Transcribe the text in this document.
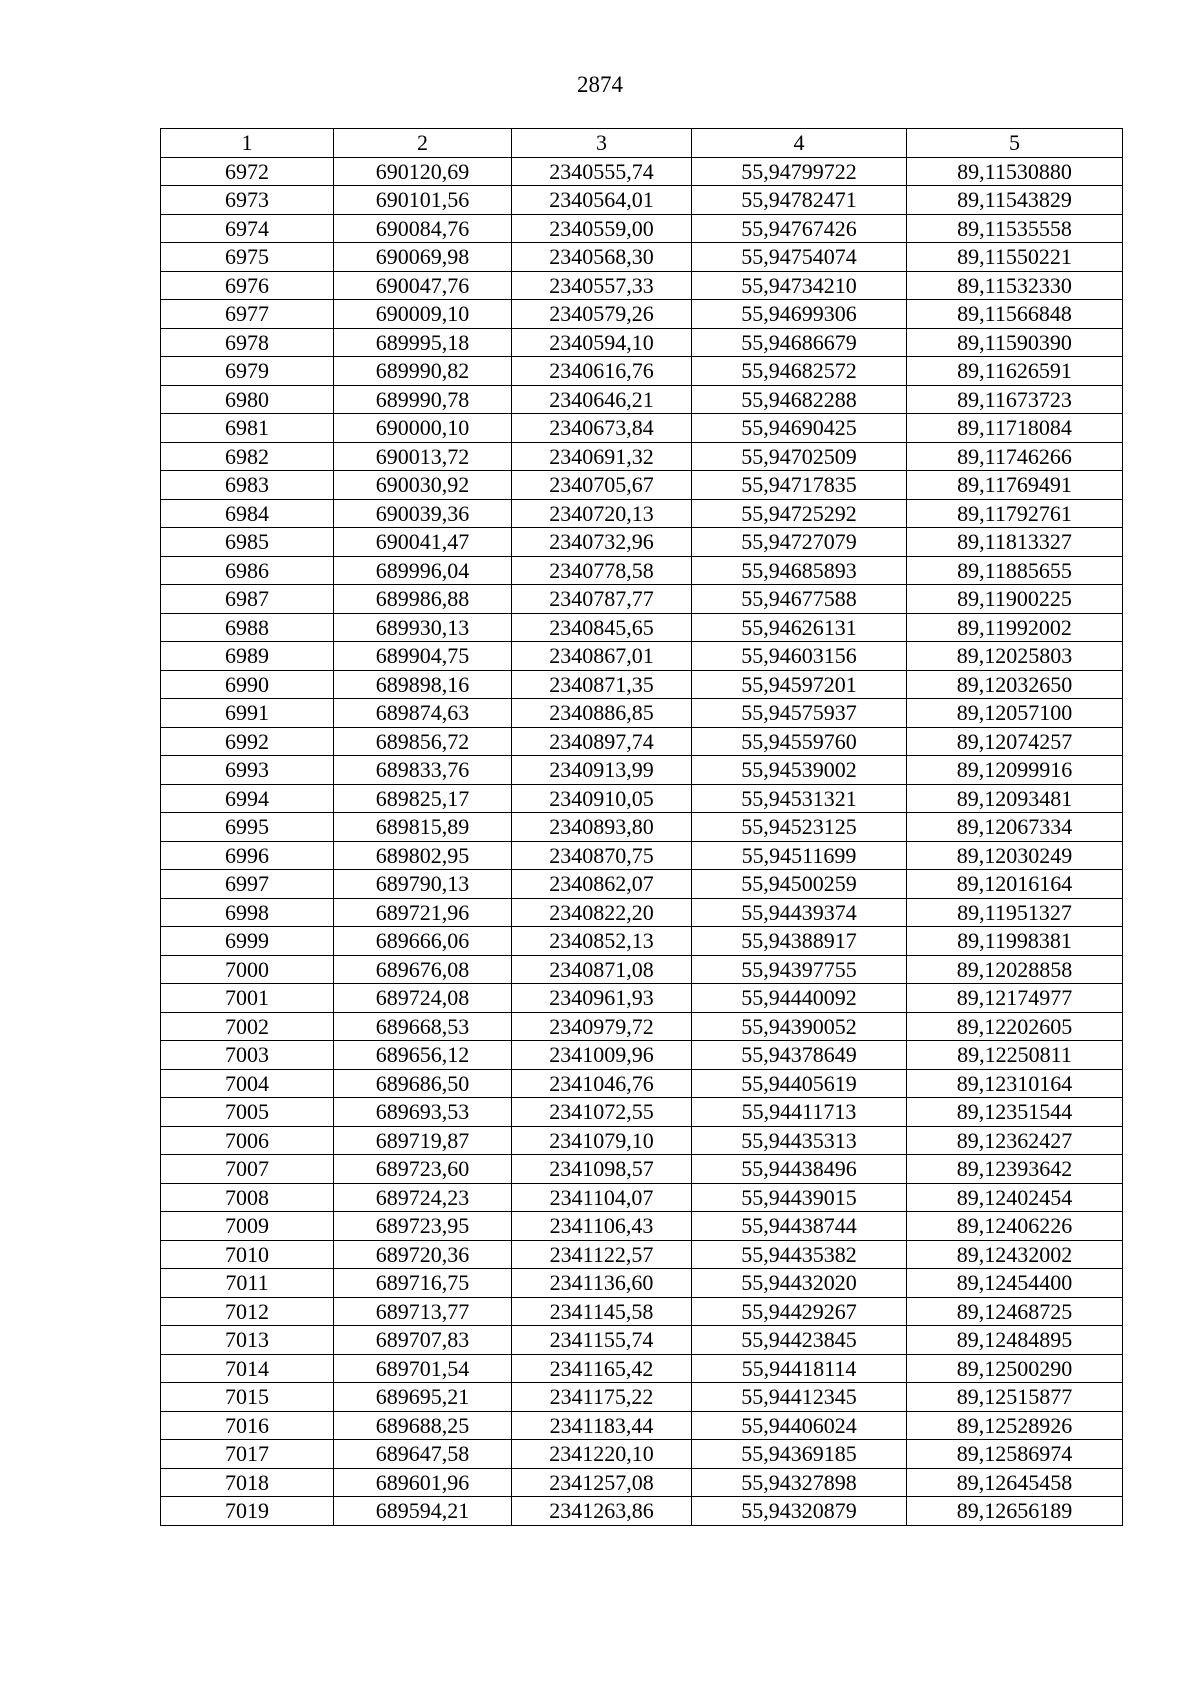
2874
1	2	3	4	5
6972	690120,69	2340555,74	55,94799722	89,11530880
6973	690101,56	2340564,01	55,94782471	89,11543829
6974	690084,76	2340559,00	55,94767426	89,11535558
6975	690069,98	2340568,30	55,94754074	89,11550221
6976	690047,76	2340557,33	55,94734210	89,11532330
6977	690009,10	2340579,26	55,94699306	89,11566848
6978	689995,18	2340594,10	55,94686679	89,11590390
6979	689990,82	2340616,76	55,94682572	89,11626591
6980	689990,78	2340646,21	55,94682288	89,11673723
6981	690000,10	2340673,84	55,94690425	89,11718084
6982	690013,72	2340691,32	55,94702509	89,11746266
6983	690030,92	2340705,67	55,94717835	89,11769491
6984	690039,36	2340720,13	55,94725292	89,11792761
6985	690041,47	2340732,96	55,94727079	89,11813327
6986	689996,04	2340778,58	55,94685893	89,11885655
6987	689986,88	2340787,77	55,94677588	89,11900225
6988	689930,13	2340845,65	55,94626131	89,11992002
6989	689904,75	2340867,01	55,94603156	89,12025803
6990	689898,16	2340871,35	55,94597201	89,12032650
6991	689874,63	2340886,85	55,94575937	89,12057100
6992	689856,72	2340897,74	55,94559760	89,12074257
6993	689833,76	2340913,99	55,94539002	89,12099916
6994	689825,17	2340910,05	55,94531321	89,12093481
6995	689815,89	2340893,80	55,94523125	89,12067334
6996	689802,95	2340870,75	55,94511699	89,12030249
6997	689790,13	2340862,07	55,94500259	89,12016164
6998	689721,96	2340822,20	55,94439374	89,11951327
6999	689666,06	2340852,13	55,94388917	89,11998381
7000	689676,08	2340871,08	55,94397755	89,12028858
7001	689724,08	2340961,93	55,94440092	89,12174977
7002	689668,53	2340979,72	55,94390052	89,12202605
7003	689656,12	2341009,96	55,94378649	89,12250811
7004	689686,50	2341046,76	55,94405619	89,12310164
7005	689693,53	2341072,55	55,94411713	89,12351544
7006	689719,87	2341079,10	55,94435313	89,12362427
7007	689723,60	2341098,57	55,94438496	89,12393642
7008	689724,23	2341104,07	55,94439015	89,12402454
7009	689723,95	2341106,43	55,94438744	89,12406226
7010	689720,36	2341122,57	55,94435382	89,12432002
7011	689716,75	2341136,60	55,94432020	89,12454400
7012	689713,77	2341145,58	55,94429267	89,12468725
7013	689707,83	2341155,74	55,94423845	89,12484895
7014	689701,54	2341165,42	55,94418114	89,12500290
7015	689695,21	2341175,22	55,94412345	89,12515877
7016	689688,25	2341183,44	55,94406024	89,12528926
7017	689647,58	2341220,10	55,94369185	89,12586974
7018	689601,96	2341257,08	55,94327898	89,12645458
7019	689594,21	2341263,86	55,94320879	89,12656189
